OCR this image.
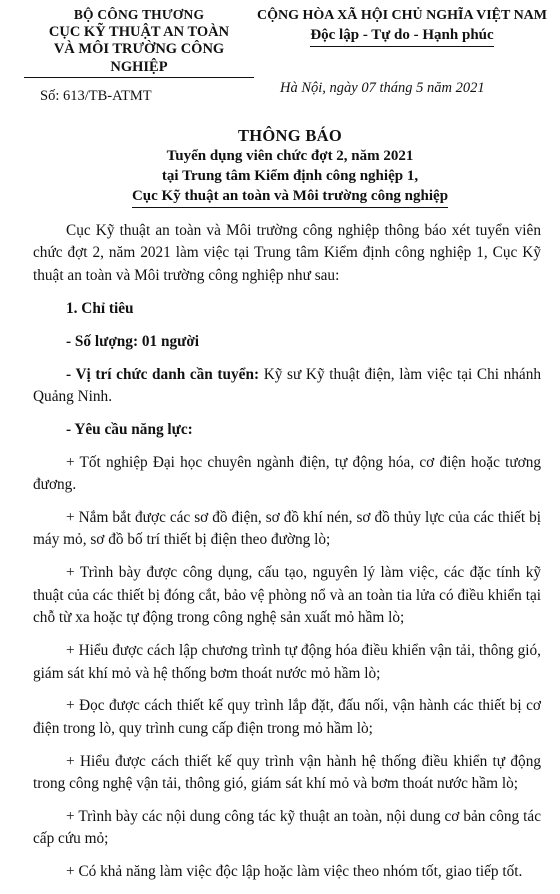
BỘ CÔNG THƯƠNG
CỤC KỸ THUẬT AN TOÀN
VÀ MÔI TRƯỜNG CÔNG NGHIỆP
CỘNG HÒA XÃ HỘI CHỦ NGHĨA VIỆT NAM
Độc lập - Tự do - Hạnh phúc
Số: 613/TB-ATMT	Hà Nội, ngày 07 tháng 5 năm 2021
THÔNG BÁO
Tuyển dụng viên chức đợt 2, năm 2021
tại Trung tâm Kiểm định công nghiệp 1,
Cục Kỹ thuật an toàn và Môi trường công nghiệp

Cục Kỹ thuật an toàn và Môi trường công nghiệp thông báo xét tuyển viên chức đợt 2, năm 2021 làm việc tại Trung tâm Kiểm định công nghiệp 1, Cục Kỹ thuật an toàn và Môi trường công nghiệp như sau:

1. Chỉ tiêu

- Số lượng: 01 người

- Vị trí chức danh cần tuyển: Kỹ sư Kỹ thuật điện, làm việc tại Chi nhánh Quảng Ninh.

- Yêu cầu năng lực:

+ Tốt nghiệp Đại học chuyên ngành điện, tự động hóa, cơ điện hoặc tương đương.

+ Nắm bắt được các sơ đồ điện, sơ đồ khí nén, sơ đồ thủy lực của các thiết bị máy mỏ, sơ đồ bố trí thiết bị điện theo đường lò;

+ Trình bày được công dụng, cấu tạo, nguyên lý làm việc, các đặc tính kỹ thuật của các thiết bị đóng cắt, bảo vệ phòng nổ và an toàn tia lửa có điều khiển tại chỗ từ xa hoặc tự động trong công nghệ sản xuất mỏ hầm lò;

+ Hiểu được cách lập chương trình tự động hóa điều khiển vận tải, thông gió, giám sát khí mỏ và hệ thống bơm thoát nước mỏ hầm lò;

+ Đọc được cách thiết kế quy trình lắp đặt, đấu nối, vận hành các thiết bị cơ điện trong lò, quy trình cung cấp điện trong mỏ hầm lò;

+ Hiểu được cách thiết kế quy trình vận hành hệ thống điều khiển tự động trong công nghệ vận tải, thông gió, giám sát khí mỏ và bơm thoát nước hầm lò;

+ Trình bày các nội dung công tác kỹ thuật an toàn, nội dung cơ bản công tác cấp cứu mỏ;

+ Có khả năng làm việc độc lập hoặc làm việc theo nhóm tốt, giao tiếp tốt.
